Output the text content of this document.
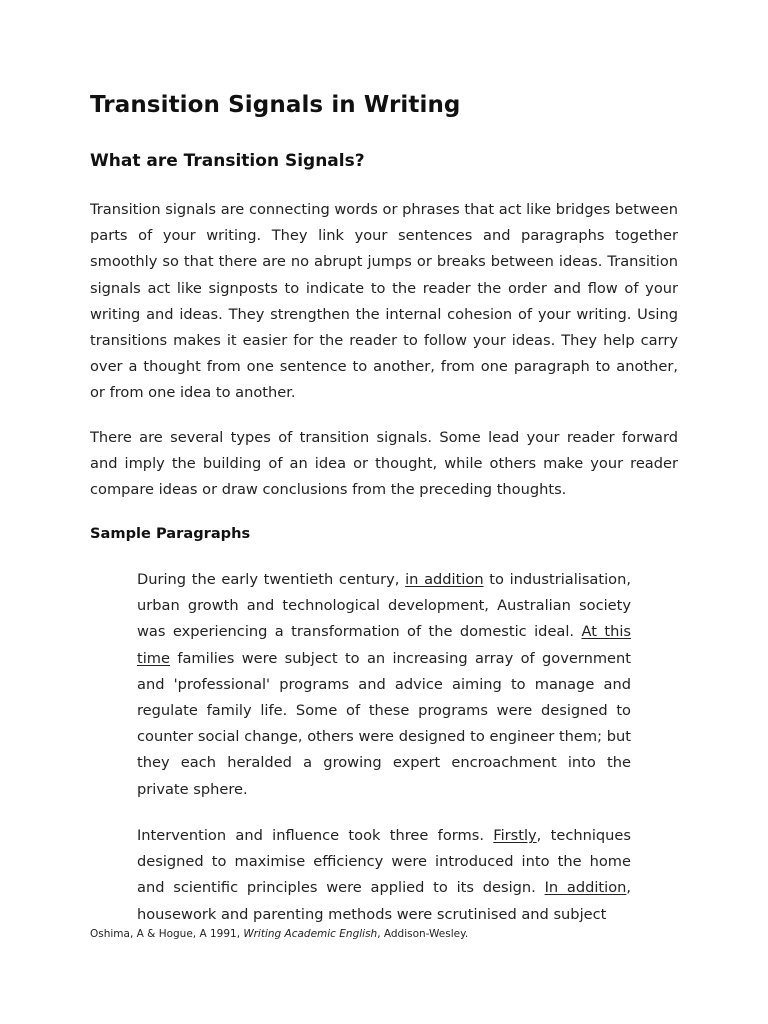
Transition Signals in Writing
What are Transition Signals?

Transition signals are connecting words or phrases that act like bridges between parts of your writing. They link your sentences and paragraphs together smoothly so that there are no abrupt jumps or breaks between ideas. Transition signals act like signposts to indicate to the reader the order and flow of your writing and ideas. They strengthen the internal cohesion of your writing. Using transitions makes it easier for the reader to follow your ideas. They help carry over a thought from one sentence to another, from one paragraph to another, or from one idea to another.

There are several types of transition signals. Some lead your reader forward and imply the building of an idea or thought, while others make your reader compare ideas or draw conclusions from the preceding thoughts.

Sample Paragraphs

During the early twentieth century, in addition to industrialisation, urban growth and technological development, Australian society was experiencing a transformation of the domestic ideal. At this time families were subject to an increasing array of government and 'professional' programs and advice aiming to manage and regulate family life. Some of these programs were designed to counter social change, others were designed to engineer them; but they each heralded a growing expert encroachment into the private sphere.

Intervention and influence took three forms. Firstly, techniques designed to maximise efficiency were introduced into the home and scientific principles were applied to its design. In addition, housework and parenting methods were scrutinised and subject

Oshima, A & Hogue, A 1991, Writing Academic English, Addison-Wesley.
